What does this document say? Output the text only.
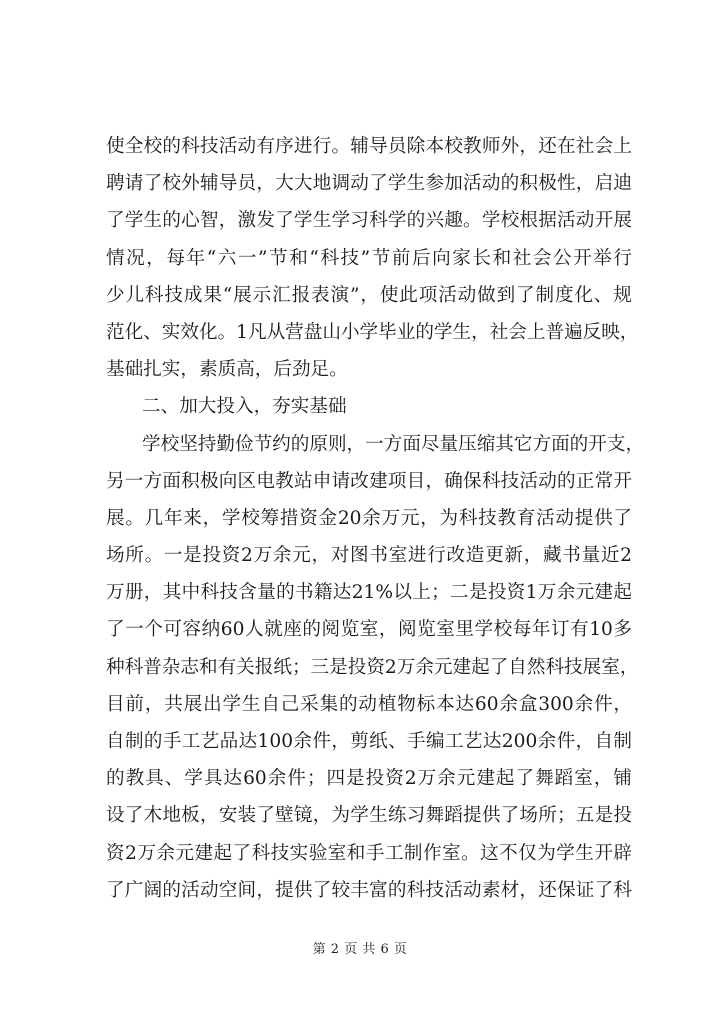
使全校的科技活动有序进行。辅导员除本校教师外，还在社会上
聘请了校外辅导员，大大地调动了学生参加活动的积极性，启迪
了学生的心智，激发了学生学习科学的兴趣。学校根据活动开展
情况，每年“六一”节和“科技”节前后向家长和社会公开举行
少儿科技成果“展示汇报表演”，使此项活动做到了制度化、规
范化、实效化。1凡从营盘山小学毕业的学生，社会上普遍反映，
基础扎实，素质高，后劲足。
二、加大投入，夯实基础
学校坚持勤俭节约的原则，一方面尽量压缩其它方面的开支，
另一方面积极向区电教站申请改建项目，确保科技活动的正常开
展。几年来，学校筹措资金20余万元，为科技教育活动提供了
场所。一是投资2万余元，对图书室进行改造更新，藏书量近2
万册，其中科技含量的书籍达21%以上；二是投资1万余元建起
了一个可容纳60人就座的阅览室，阅览室里学校每年订有10多
种科普杂志和有关报纸；三是投资2万余元建起了自然科技展室，
目前，共展出学生自己采集的动植物标本达60余盒300余件，
自制的手工艺品达100余件，剪纸、手编工艺达200余件，自制
的教具、学具达60余件；四是投资2万余元建起了舞蹈室，铺
设了木地板，安装了壁镜，为学生练习舞蹈提供了场所；五是投
资2万余元建起了科技实验室和手工制作室。这不仅为学生开辟
了广阔的活动空间，提供了较丰富的科技活动素材，还保证了科
第 2 页 共 6 页
